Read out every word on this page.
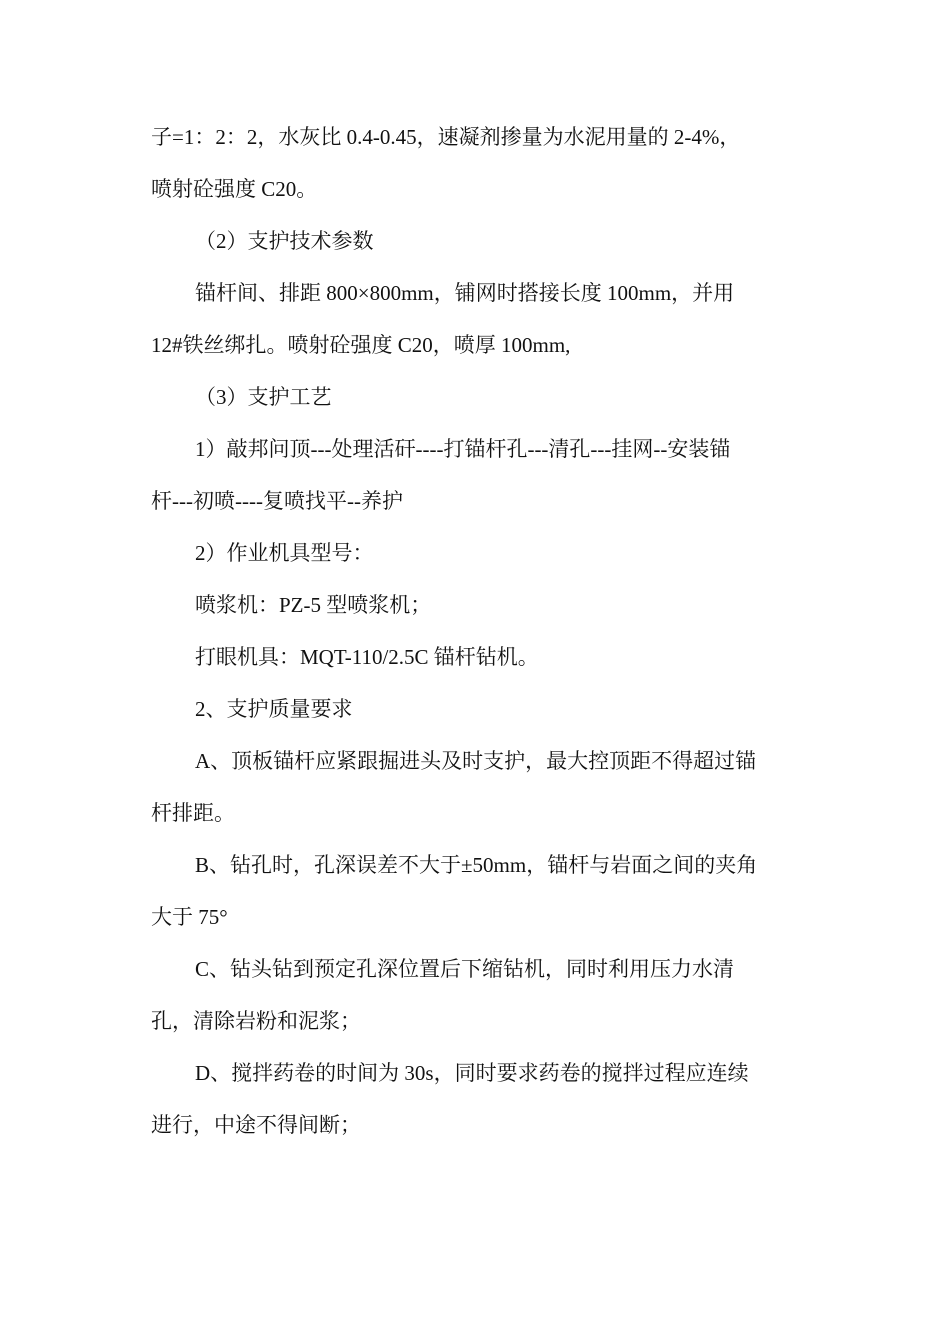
子=1：2：2，水灰比 0.4-0.45，速凝剂掺量为水泥用量的 2-4%，

喷射砼强度 C20。

（2）支护技术参数

锚杆间、排距 800×800mm，铺网时搭接长度 100mm，并用

12#铁丝绑扎。喷射砼强度 C20，喷厚 100mm,

（3）支护工艺

1）敲邦问顶---处理活矸----打锚杆孔---清孔---挂网--安装锚

杆---初喷----复喷找平--养护

2）作业机具型号：

喷浆机：PZ-5 型喷浆机；

打眼机具：MQT-110/2.5C 锚杆钻机。

2、支护质量要求

A、顶板锚杆应紧跟掘进头及时支护，最大控顶距不得超过锚

杆排距。

B、钻孔时，孔深误差不大于±50mm，锚杆与岩面之间的夹角

大于 75°

C、钻头钻到预定孔深位置后下缩钻机，同时利用压力水清

孔，清除岩粉和泥浆；

D、搅拌药卷的时间为 30s，同时要求药卷的搅拌过程应连续

进行，中途不得间断；
